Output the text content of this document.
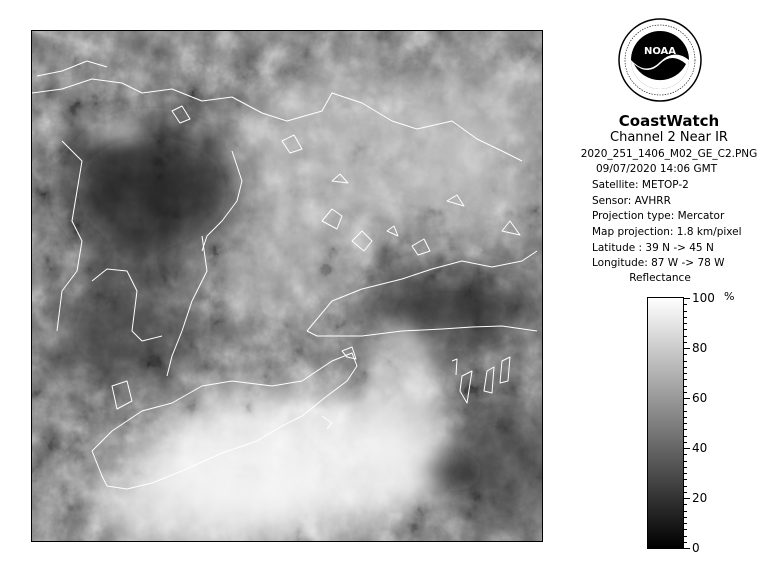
NOAA
CoastWatch
Channel 2 Near IR
2020_251_1406_M02_GE_C2.PNG
09/07/2020 14:06 GMT
Satellite: METOP-2
Sensor: AVHRR
Projection type: Mercator
Map projection: 1.8 km/pixel
Latitude : 39 N -> 45 N
Longitude: 87 W -> 78 W
Reflectance
%
100
80
60
40
20
0
